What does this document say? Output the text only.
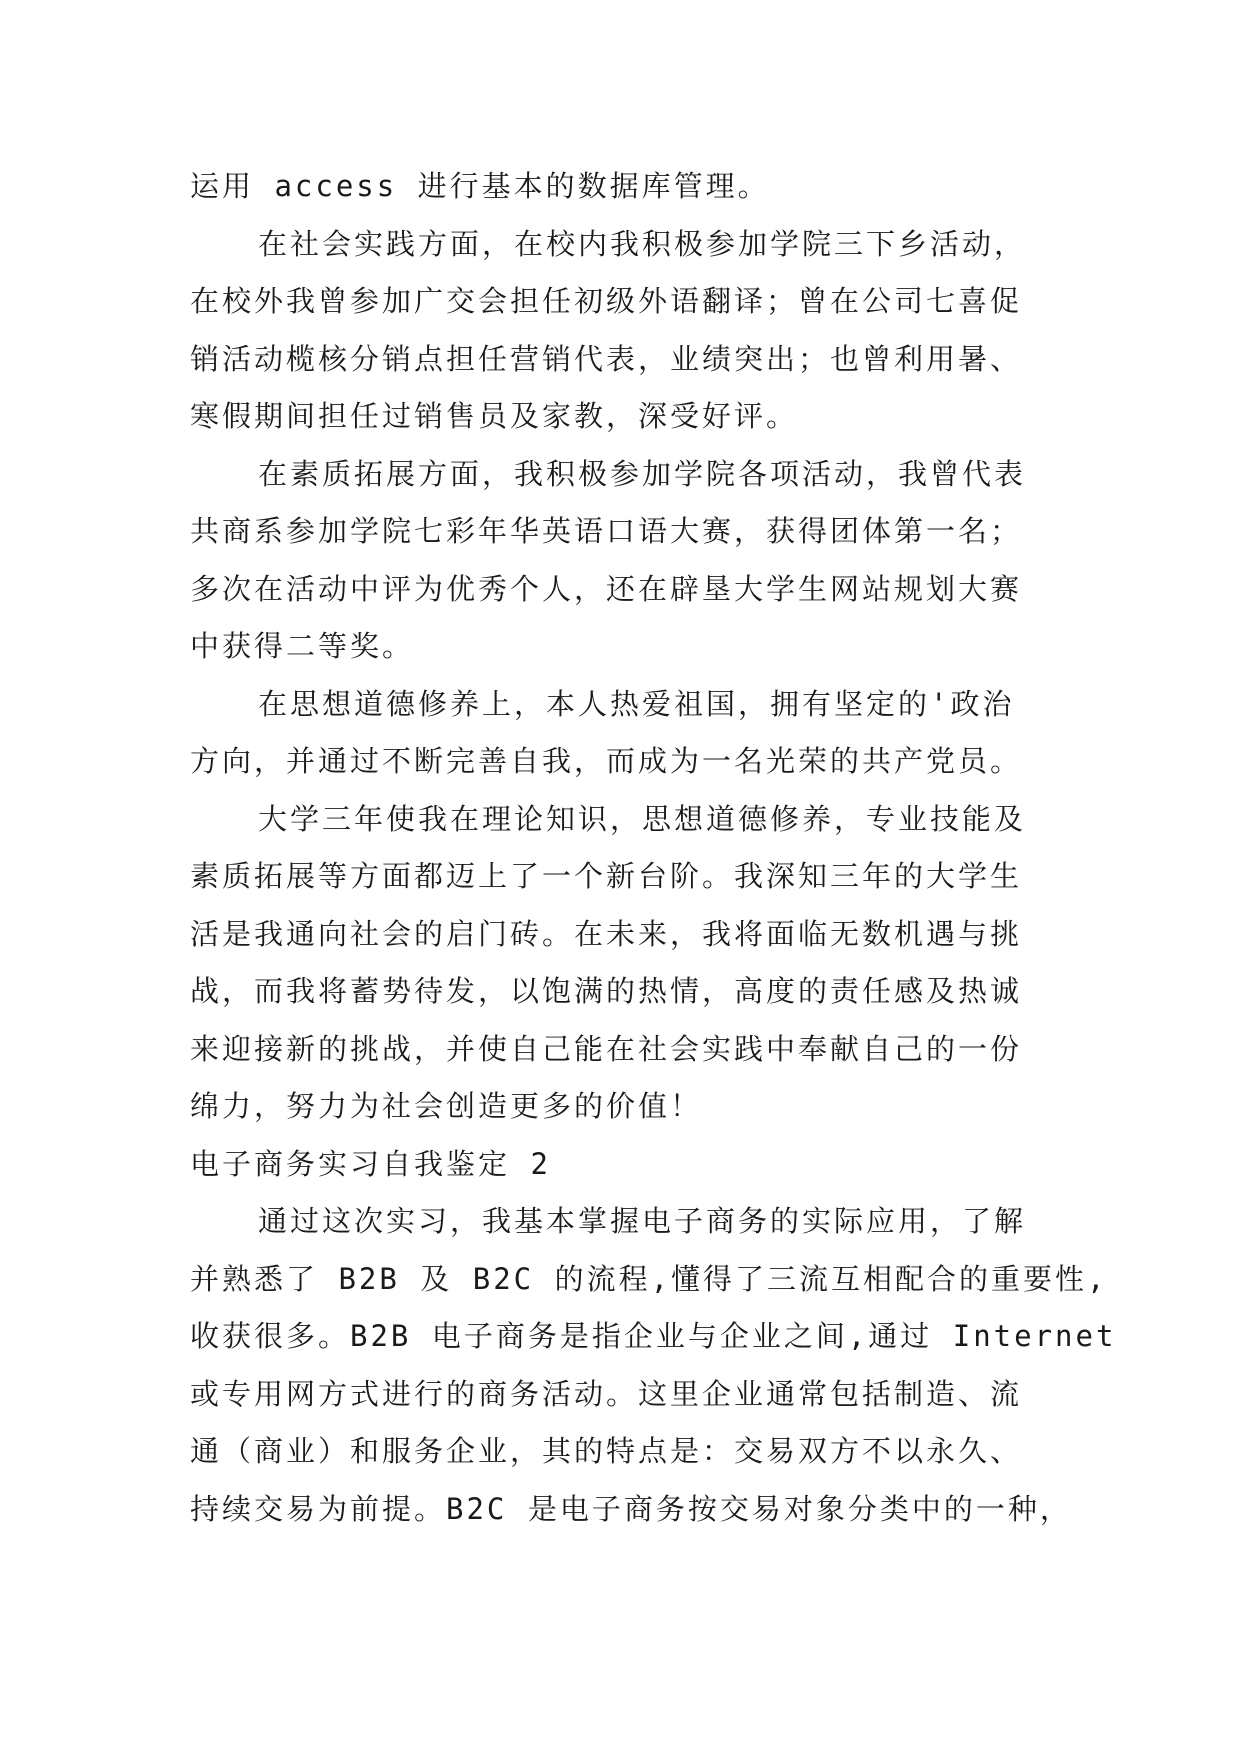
运用 access 进行基本的数据库管理。
在社会实践方面，在校内我积极参加学院三下乡活动，
在校外我曾参加广交会担任初级外语翻译；曾在公司七喜促
销活动榄核分销点担任营销代表，业绩突出；也曾利用暑、
寒假期间担任过销售员及家教，深受好评。
在素质拓展方面，我积极参加学院各项活动，我曾代表
共商系参加学院七彩年华英语口语大赛，获得团体第一名；
多次在活动中评为优秀个人，还在辟垦大学生网站规划大赛
中获得二等奖。
在思想道德修养上，本人热爱祖国，拥有坚定的'政治
方向，并通过不断完善自我，而成为一名光荣的共产党员。
大学三年使我在理论知识，思想道德修养，专业技能及
素质拓展等方面都迈上了一个新台阶。我深知三年的大学生
活是我通向社会的启门砖。在未来，我将面临无数机遇与挑
战，而我将蓄势待发，以饱满的热情，高度的责任感及热诚
来迎接新的挑战，并使自己能在社会实践中奉献自己的一份
绵力，努力为社会创造更多的价值！
电子商务实习自我鉴定 2
通过这次实习，我基本掌握电子商务的实际应用，了解
并熟悉了 B2B 及 B2C 的流程,懂得了三流互相配合的重要性,
收获很多。B2B 电子商务是指企业与企业之间,通过 Internet
或专用网方式进行的商务活动。这里企业通常包括制造、流
通（商业）和服务企业，其的特点是：交易双方不以永久、
持续交易为前提。B2C 是电子商务按交易对象分类中的一种，
